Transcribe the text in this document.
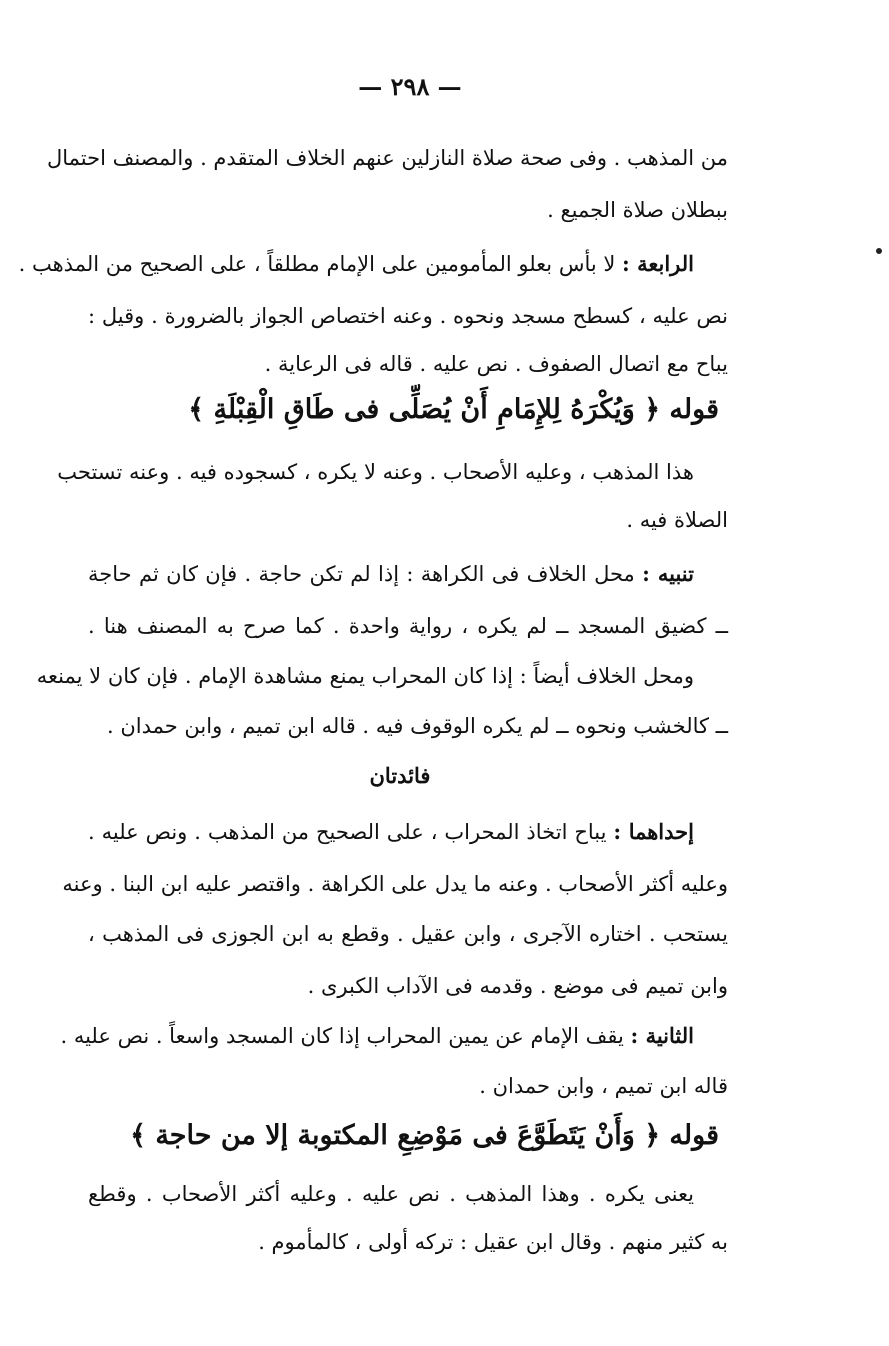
— ٢٩٨ —
من المذهب . وفى صحة صلاة النازلين عنهم الخلاف المتقدم . والمصنف احتمال
ببطلان صلاة الجميع .
الرابعة : لا بأس بعلو المأمومين على الإمام مطلقاً ، على الصحيح من المذهب .
نص عليه ، كسطح مسجد ونحوه . وعنه اختصاص الجواز بالضرورة . وقيل :
يباح مع اتصال الصفوف . نص عليه . قاله فى الرعاية .
هذا المذهب ، وعليه الأصحاب . وعنه لا يكره ، كسجوده فيه . وعنه تستحب
الصلاة فيه .
تنبيه : محل الخلاف فى الكراهة : إذا لم تكن حاجة . فإن كان ثم حاجة
ــ كضيق المسجد ــ لم يكره ، رواية واحدة . كما صرح به المصنف هنا .
ومحل الخلاف أيضاً : إذا كان المحراب يمنع مشاهدة الإمام . فإن كان لا يمنعه
ــ كالخشب ونحوه ــ لم يكره الوقوف فيه . قاله ابن تميم ، وابن حمدان .
إحداهما : يباح اتخاذ المحراب ، على الصحيح من المذهب . ونص عليه .
وعليه أكثر الأصحاب . وعنه ما يدل على الكراهة . واقتصر عليه ابن البنا . وعنه
يستحب . اختاره الآجرى ، وابن عقيل . وقطع به ابن الجوزى فى المذهب ،
وابن تميم فى موضع . وقدمه فى الآداب الكبرى .
الثانية : يقف الإمام عن يمين المحراب إذا كان المسجد واسعاً . نص عليه .
قاله ابن تميم ، وابن حمدان .
يعنى يكره . وهذا المذهب . نص عليه . وعليه أكثر الأصحاب . وقطع
به كثير منهم . وقال ابن عقيل : تركه أولى ، كالمأموم .
قوله ﴿ وَيُكْرَهُ لِلإِمَامِ أَنْ يُصَلِّى فى طَاقِ الْقِبْلَةِ ﴾
فائدتان
قوله ﴿ وَأَنْ يَتَطَوَّعَ فى مَوْضِعِ المكتوبة إلا من حاجة ﴾
